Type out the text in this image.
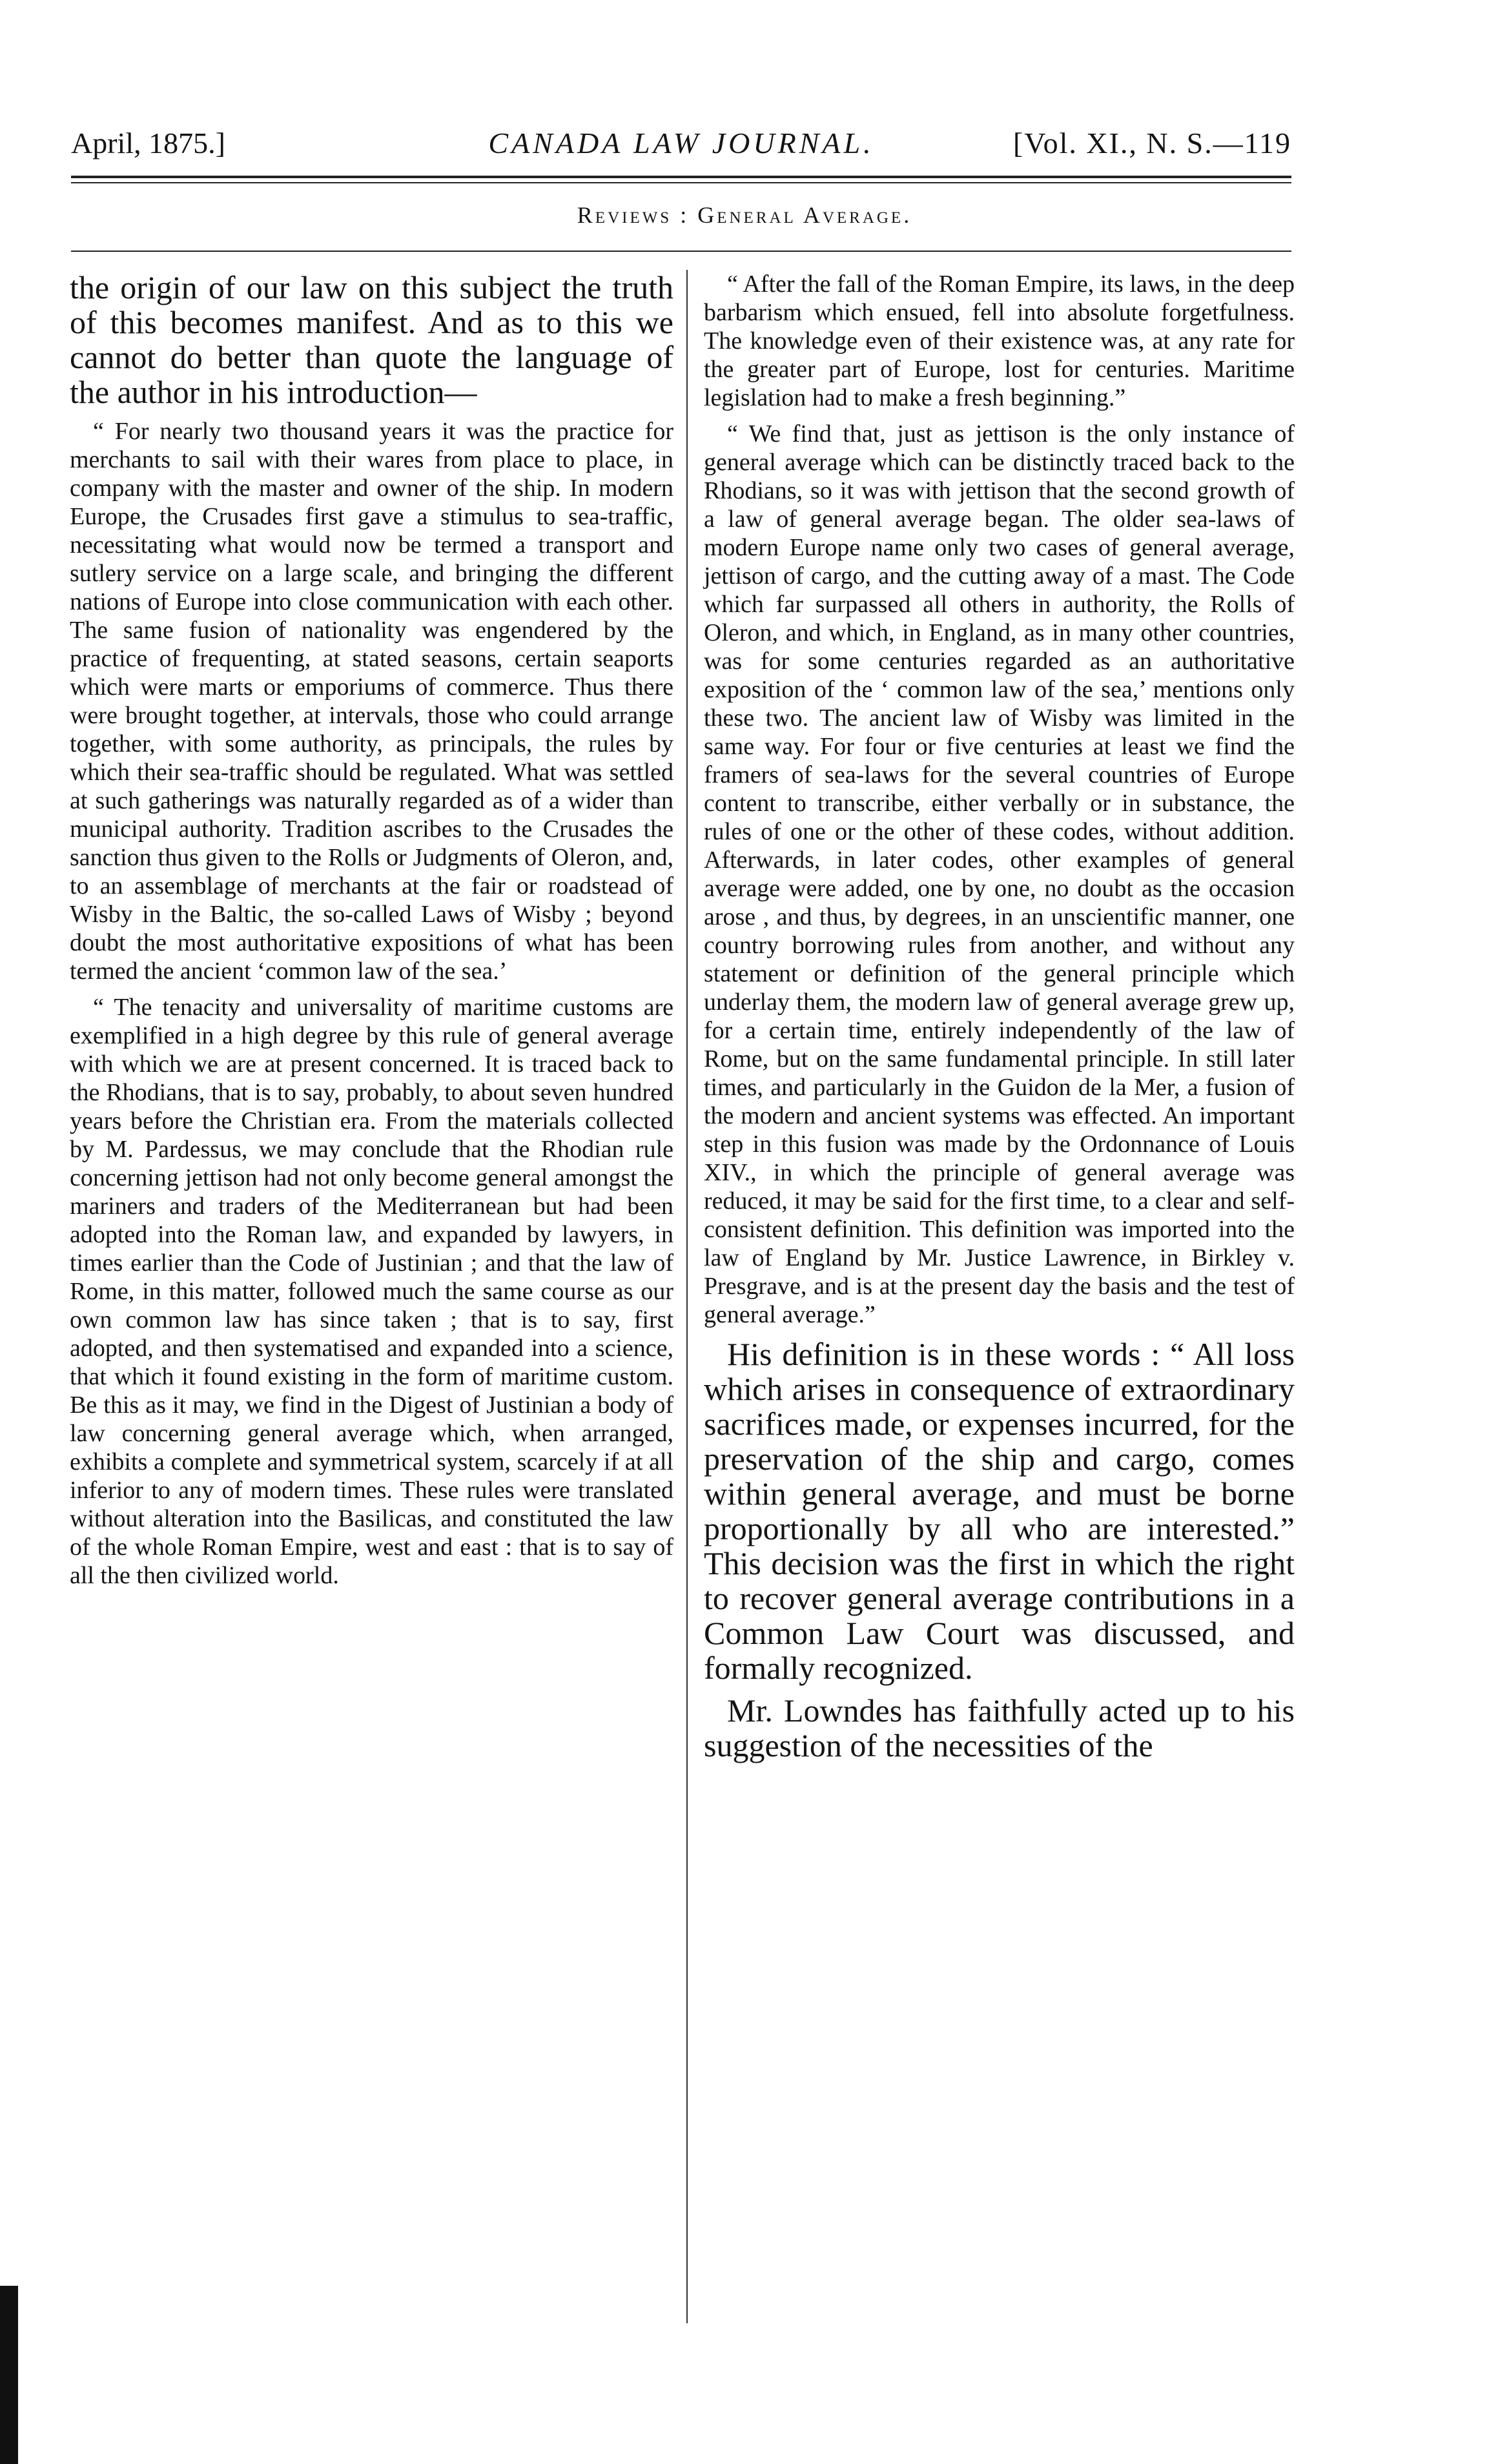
April, 1875.]	CANADA LAW JOURNAL.	[Vol. XI., N. S.—119
Reviews : General Average.

the origin of our law on this subject the truth of this becomes manifest. And as to this we cannot do better than quote the language of the author in his introduction—

“ For nearly two thousand years it was the practice for merchants to sail with their wares from place to place, in company with the master and owner of the ship. In modern Europe, the Crusades first gave a stimulus to sea-traffic, necessitating what would now be termed a transport and sutlery service on a large scale, and bringing the different nations of Europe into close communication with each other. The same fusion of nationality was engendered by the practice of frequenting, at stated seasons, certain seaports which were marts or emporiums of commerce. Thus there were brought together, at intervals, those who could arrange together, with some authority, as principals, the rules by which their sea-traffic should be regulated. What was settled at such gatherings was naturally regarded as of a wider than municipal authority. Tradition ascribes to the Crusades the sanction thus given to the Rolls or Judgments of Oleron, and, to an assemblage of merchants at the fair or roadstead of Wisby in the Baltic, the so-called Laws of Wisby ; beyond doubt the most authoritative expositions of what has been termed the ancient ‘common law of the sea.’

“ The tenacity and universality of maritime customs are exemplified in a high degree by this rule of general average with which we are at present concerned. It is traced back to the Rhodians, that is to say, probably, to about seven hundred years before the Christian era. From the materials collected by M. Pardessus, we may conclude that the Rhodian rule concerning jettison had not only become general amongst the mariners and traders of the Mediterranean but had been adopted into the Roman law, and expanded by lawyers, in times earlier than the Code of Justinian ; and that the law of Rome, in this matter, followed much the same course as our own common law has since taken ; that is to say, first adopted, and then systematised and expanded into a science, that which it found existing in the form of maritime custom. Be this as it may, we find in the Digest of Justinian a body of law concerning general average which, when arranged, exhibits a complete and symmetrical system, scarcely if at all inferior to any of modern times. These rules were translated without alteration into the Basilicas, and constituted the law of the whole Roman Empire, west and east : that is to say of all the then civilized world.

“ After the fall of the Roman Empire, its laws, in the deep barbarism which ensued, fell into absolute forgetfulness. The knowledge even of their existence was, at any rate for the greater part of Europe, lost for centuries. Maritime legislation had to make a fresh beginning.”

“ We find that, just as jettison is the only instance of general average which can be distinctly traced back to the Rhodians, so it was with jettison that the second growth of a law of general average began. The older sea-laws of modern Europe name only two cases of general average, jettison of cargo, and the cutting away of a mast. The Code which far surpassed all others in authority, the Rolls of Oleron, and which, in England, as in many other countries, was for some centuries regarded as an authoritative exposition of the ‘ common law of the sea,’ mentions only these two. The ancient law of Wisby was limited in the same way. For four or five centuries at least we find the framers of sea-laws for the several countries of Europe content to transcribe, either verbally or in substance, the rules of one or the other of these codes, without addition. Afterwards, in later codes, other examples of general average were added, one by one, no doubt as the occasion arose , and thus, by degrees, in an unscientific manner, one country borrowing rules from another, and without any statement or definition of the general principle which underlay them, the modern law of general average grew up, for a certain time, entirely independently of the law of Rome, but on the same fundamental principle. In still later times, and particularly in the Guidon de la Mer, a fusion of the modern and ancient systems was effected. An important step in this fusion was made by the Ordonnance of Louis XIV., in which the principle of general average was reduced, it may be said for the first time, to a clear and self-consistent definition. This definition was imported into the law of England by Mr. Justice Lawrence, in Birkley v. Presgrave, and is at the present day the basis and the test of general average.”

His definition is in these words : “ All loss which arises in consequence of extraordinary sacrifices made, or expenses incurred, for the preservation of the ship and cargo, comes within general average, and must be borne proportionally by all who are interested.” This decision was the first in which the right to recover general average contributions in a Common Law Court was discussed, and formally recognized.

Mr. Lowndes has faithfully acted up to his suggestion of the necessities of the
